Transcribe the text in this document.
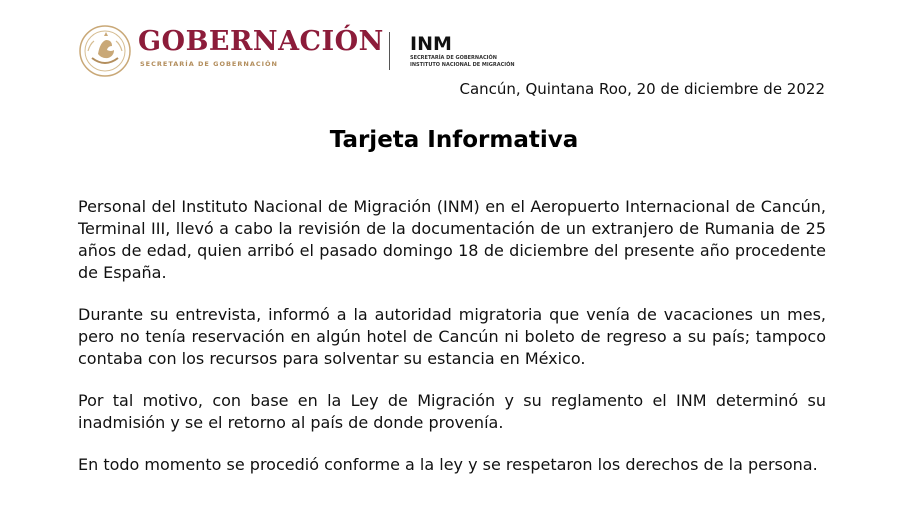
GOBERNACIÓN
SECRETARÍA DE GOBERNACIÓN
INM
SECRETARÍA DE GOBERNACIÓN
INSTITUTO NACIONAL DE MIGRACIÓN
Cancún, Quintana Roo, 20 de diciembre de 2022
Tarjeta Informativa

Personal del Instituto Nacional de Migración (INM) en el Aeropuerto Internacional de Cancún, Terminal III, llevó a cabo la revisión de la documentación de un extranjero de Rumania de 25 años de edad, quien arribó el pasado domingo 18 de diciembre del presente año procedente de España.

Durante su entrevista, informó a la autoridad migratoria que venía de vacaciones un mes, pero no tenía reservación en algún hotel de Cancún ni boleto de regreso a su país; tampoco contaba con los recursos para solventar su estancia en México.

Por tal motivo, con base en la Ley de Migración y su reglamento el INM determinó su inadmisión y se el retorno al país de donde provenía.

En todo momento se procedió conforme a la ley y se respetaron los derechos de la persona.
